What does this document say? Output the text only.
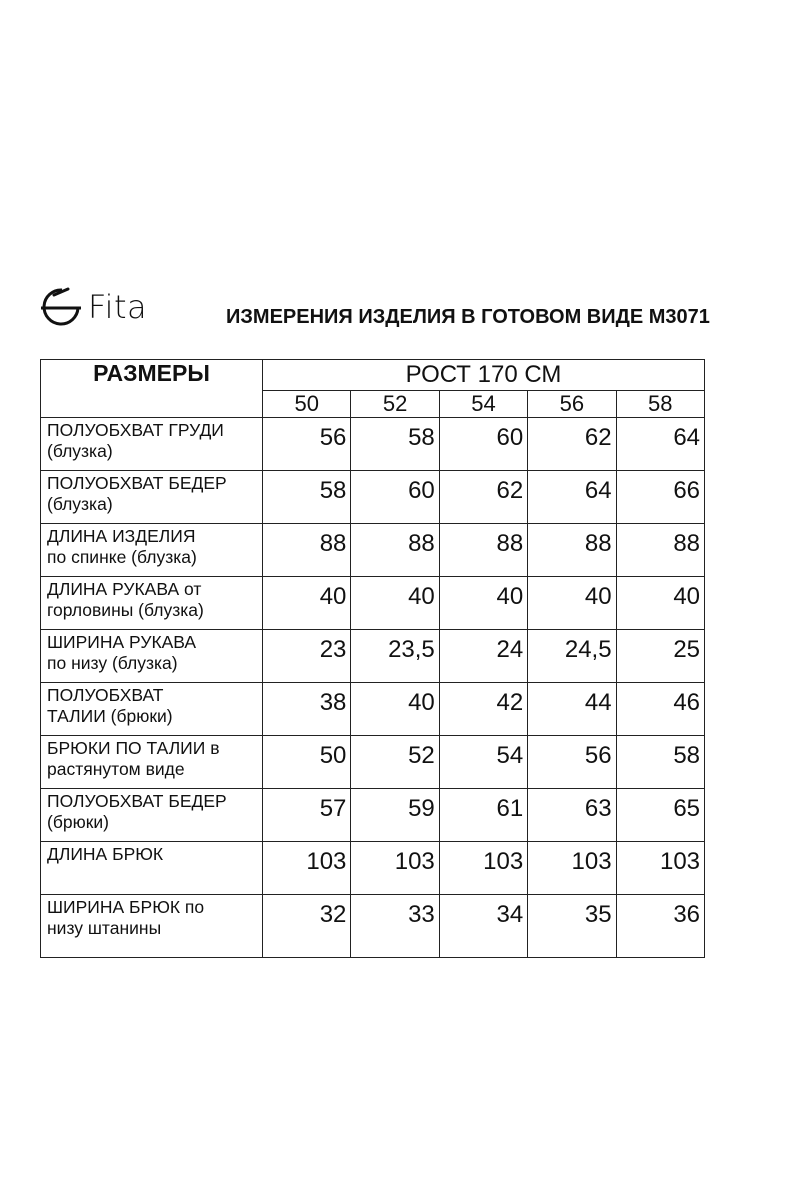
Fita	ИЗМЕРЕНИЯ ИЗДЕЛИЯ В ГОТОВОМ ВИДЕ М3071
РАЗМЕРЫ	РОСТ 170 СМ				
	50	52	54	56	58
ПОЛУОБХВАТ ГРУДИ
(блузка)	56	58	60	62	64
ПОЛУОБХВАТ БЕДЕР
(блузка)	58	60	62	64	66
ДЛИНА ИЗДЕЛИЯ
по спинке (блузка)	88	88	88	88	88
ДЛИНА РУКАВА от
горловины (блузка)	40	40	40	40	40
ШИРИНА РУКАВА
по низу (блузка)	23	23,5	24	24,5	25
ПОЛУОБХВАТ
ТАЛИИ (брюки)	38	40	42	44	46
БРЮКИ ПО ТАЛИИ в
растянутом виде	50	52	54	56	58
ПОЛУОБХВАТ БЕДЕР
(брюки)	57	59	61	63	65
ДЛИНА БРЮК	103	103	103	103	103
ШИРИНА БРЮК по
низу штанины	32	33	34	35	36
